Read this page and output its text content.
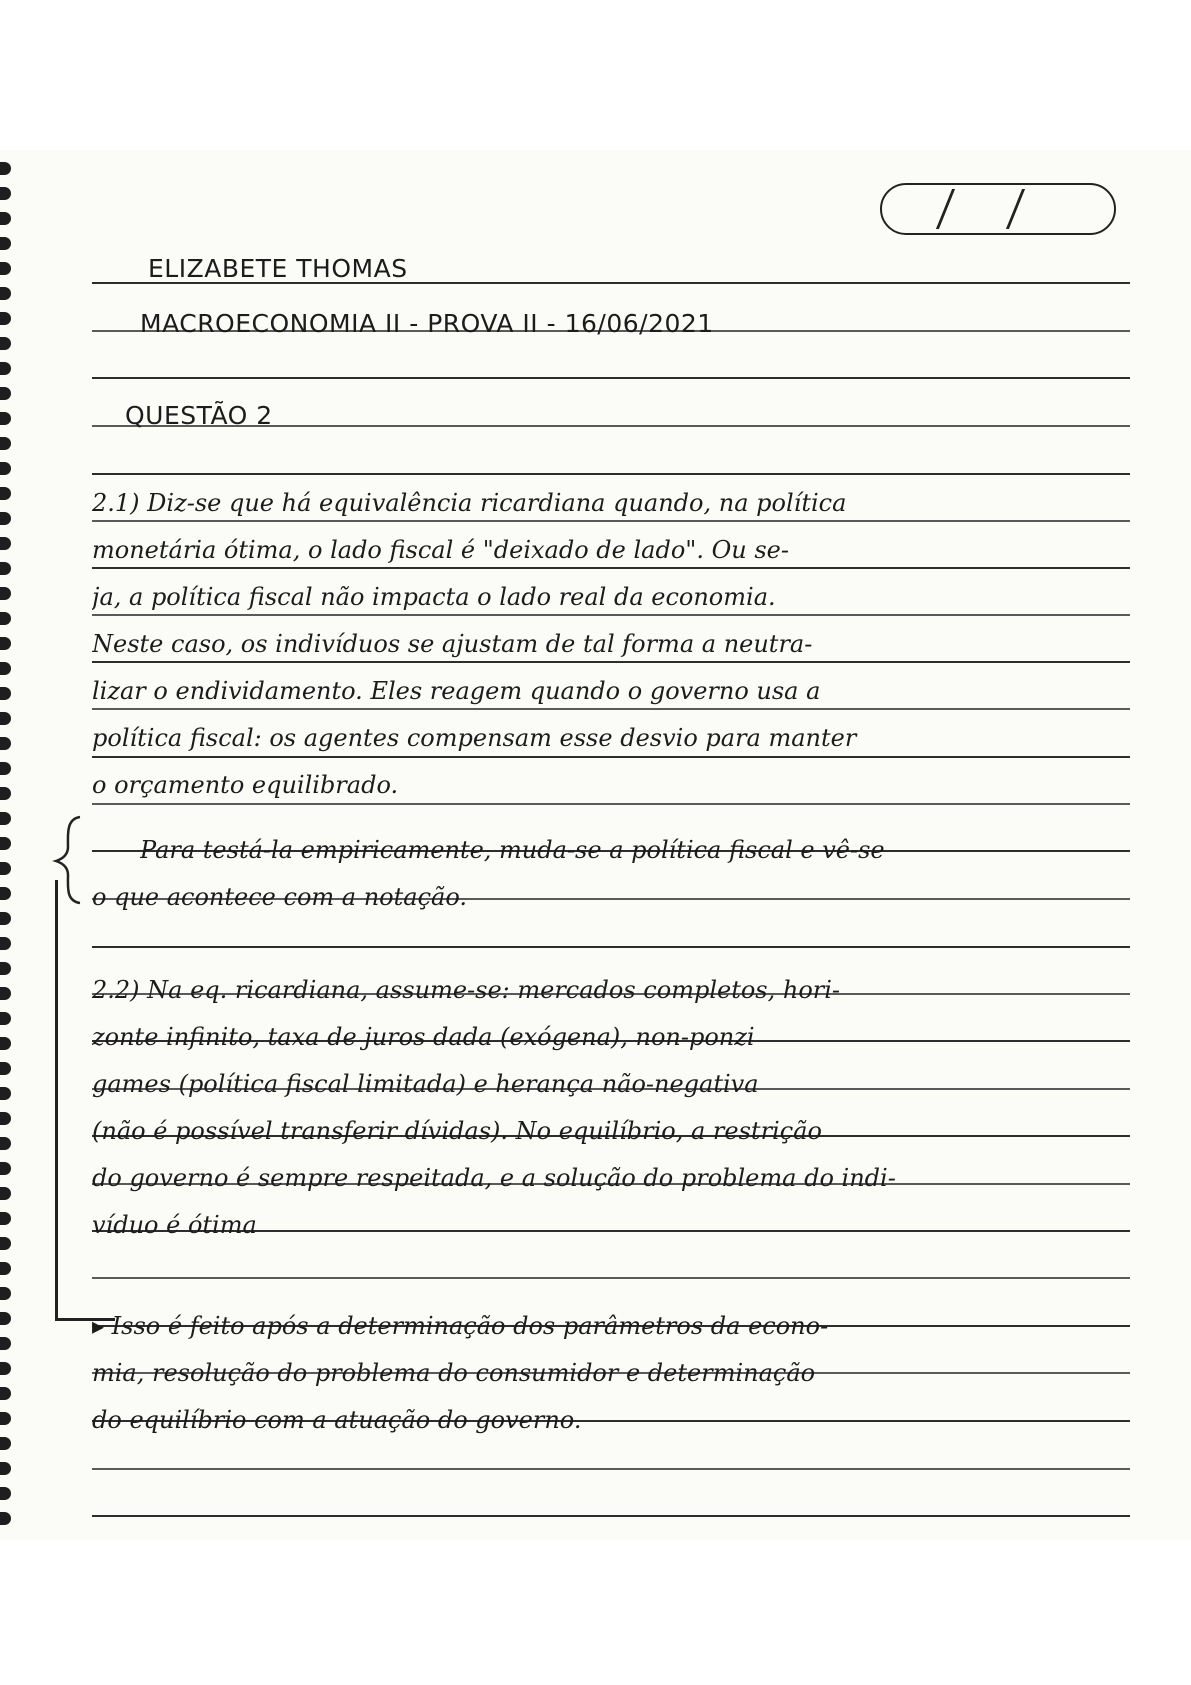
ELIZABETE THOMAS

MACROECONOMIA II - PROVA II - 16/06/2021

QUESTÃO 2

2.1) Diz-se que há equivalência ricardiana quando, na política
monetária ótima, o lado fiscal é "deixado de lado". Ou se-
ja, a política fiscal não impacta o lado real da economia.
Neste caso, os indivíduos se ajustam de tal forma a neutra-
lizar o endividamento. Eles reagem quando o governo usa a
política fiscal: os agentes compensam esse desvio para manter
o orçamento equilibrado.
Para testá-la empiricamente, muda-se a política fiscal e vê-se
o que acontece com a notação.
2.2) Na eq. ricardiana, assume-se: mercados completos, hori-
zonte infinito, taxa de juros dada (exógena), non-ponzi
games (política fiscal limitada) e herança não-negativa
(não é possível transferir dívidas). No equilíbrio, a restrição
do governo é sempre respeitada, e a solução do problema do indi-
víduo é ótima
▸ Isso é feito após a determinação dos parâmetros da econo-
mia, resolução do problema do consumidor e determinação
do equilíbrio com a atuação do governo.
